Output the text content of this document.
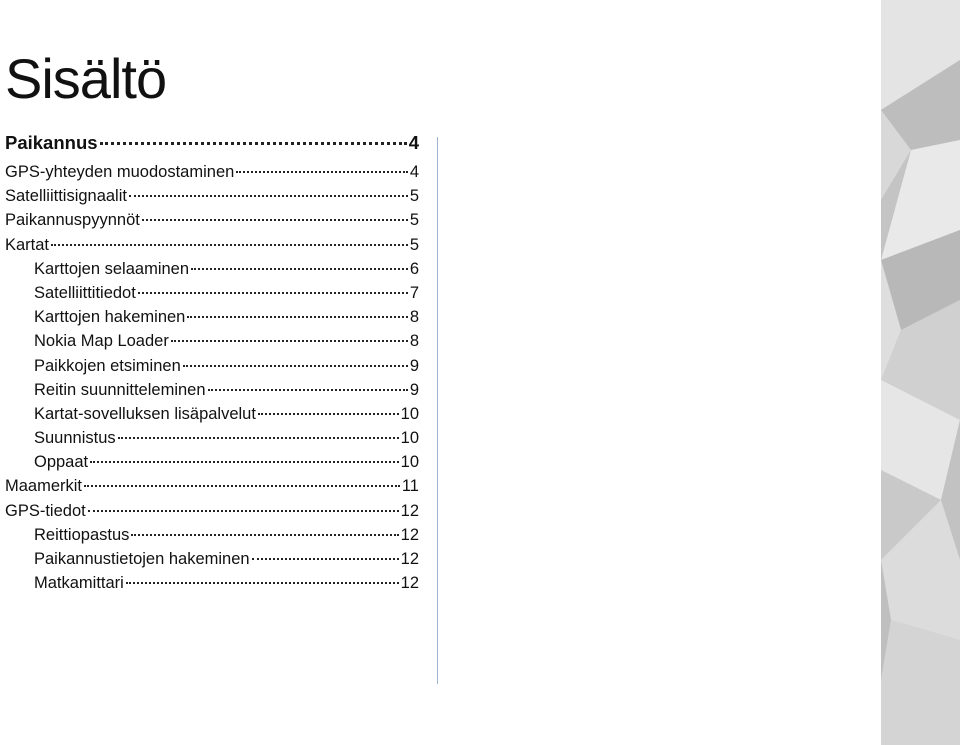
Sisältö
Paikannus	4
GPS-yhteyden muodostaminen	4
Satelliittisignaalit	5
Paikannuspyynnöt	5
Kartat	5
Karttojen selaaminen	6
Satelliittitiedot	7
Karttojen hakeminen	8
Nokia Map Loader	8
Paikkojen etsiminen	9
Reitin suunnitteleminen	9
Kartat-sovelluksen lisäpalvelut	10
Suunnistus	10
Oppaat	10
Maamerkit	11
GPS-tiedot	12
Reittiopastus	12
Paikannustietojen hakeminen	12
Matkamittari	12
